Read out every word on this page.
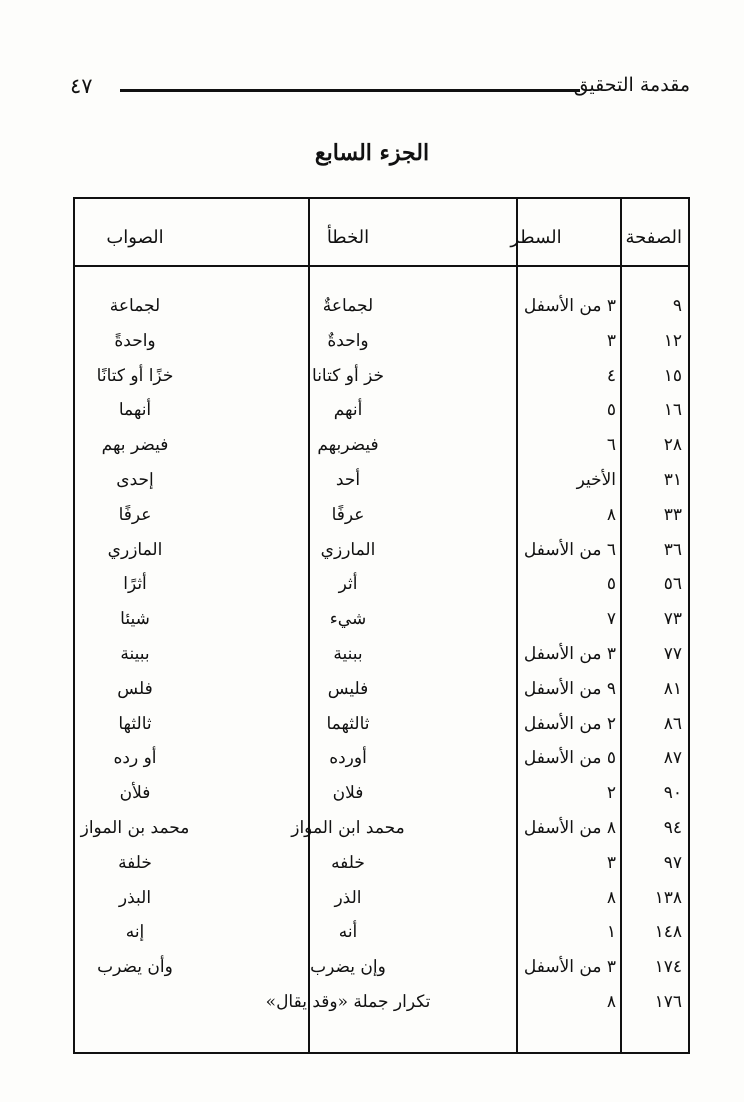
مقدمة التحقيق
٤٧
الجزء السابع
الصفحة
السطر
الخطأ
الصواب
٩
٣ من الأسفل
لجماعةٌ
لجماعة
١٢
٣
واحدةٌ
واحدةً
١٥
٤
خز أو كتانا
خزًا أو كتانًا
١٦
٥
أنهم
أنهما
٢٨
٦
فيضربهم
فيضر بهم
٣١
الأخير
أحد
إحدى
٣٣
٨
عرفًا
عرفًا
٣٦
٦ من الأسفل
المارزي
المازري
٥٦
٥
أثر
أثرًا
٧٣
٧
شيء
شيئا
٧٧
٣ من الأسفل
ببنية
ببينة
٨١
٩ من الأسفل
فليس
فلس
٨٦
٢ من الأسفل
ثالثهما
ثالثها
٨٧
٥ من الأسفل
أورده
أو رده
٩٠
٢
فلان
فلأن
٩٤
٨ من الأسفل
محمد ابن المواز
محمد بن المواز
٩٧
٣
خلفه
خلفة
١٣٨
٨
الذر
البذر
١٤٨
١
أنه
إنه
١٧٤
٣ من الأسفل
وإن يضرب
وأن يضرب
١٧٦
٨
تكرار جملة «وقد يقال»
